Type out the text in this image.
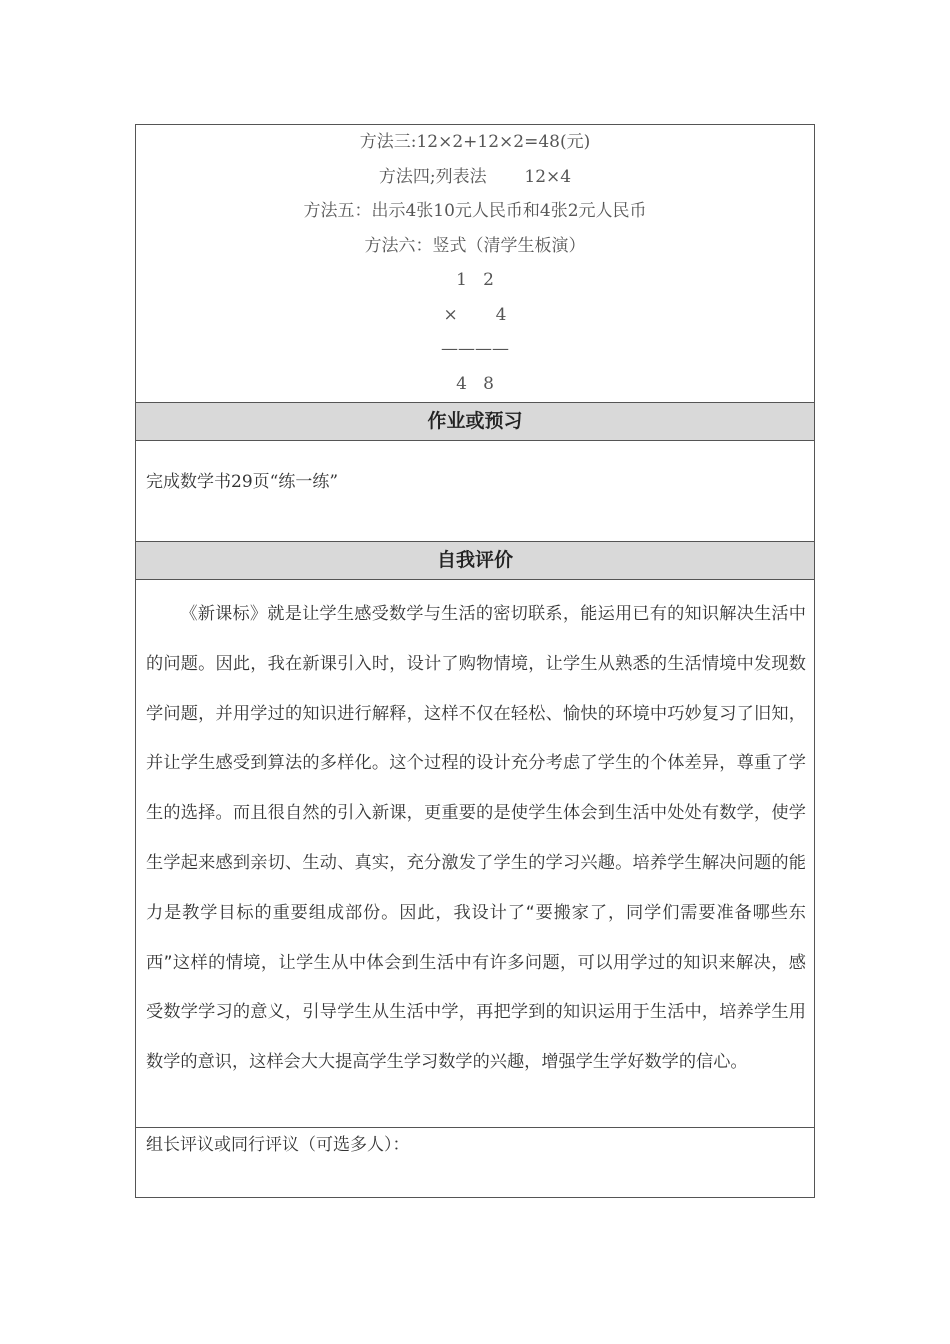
方法三:12×2+12×2=48(元)
方法四;列表法       12×4
方法五：出示4张10元人民币和4张2元人民币
方法六：竖式（清学生板演）
1   2
×       4
————
4   8
作业或预习
完成数学书29页“练一练”
自我评价

《新课标》就是让学生感受数学与生活的密切联系，能运用已有的知识解决生活中的问题。因此，我在新课引入时，设计了购物情境，让学生从熟悉的生活情境中发现数学问题，并用学过的知识进行解释，这样不仅在轻松、愉快的环境中巧妙复习了旧知，并让学生感受到算法的多样化。这个过程的设计充分考虑了学生的个体差异，尊重了学生的选择。而且很自然的引入新课，更重要的是使学生体会到生活中处处有数学，使学生学起来感到亲切、生动、真实，充分激发了学生的学习兴趣。培养学生解决问题的能力是教学目标的重要组成部份。因此，我设计了“要搬家了，同学们需要准备哪些东西”这样的情境，让学生从中体会到生活中有许多问题，可以用学过的知识来解决，感受数学学习的意义，引导学生从生活中学，再把学到的知识运用于生活中，培养学生用数学的意识，这样会大大提高学生学习数学的兴趣，增强学生学好数学的信心。

组长评议或同行评议（可选多人）：
